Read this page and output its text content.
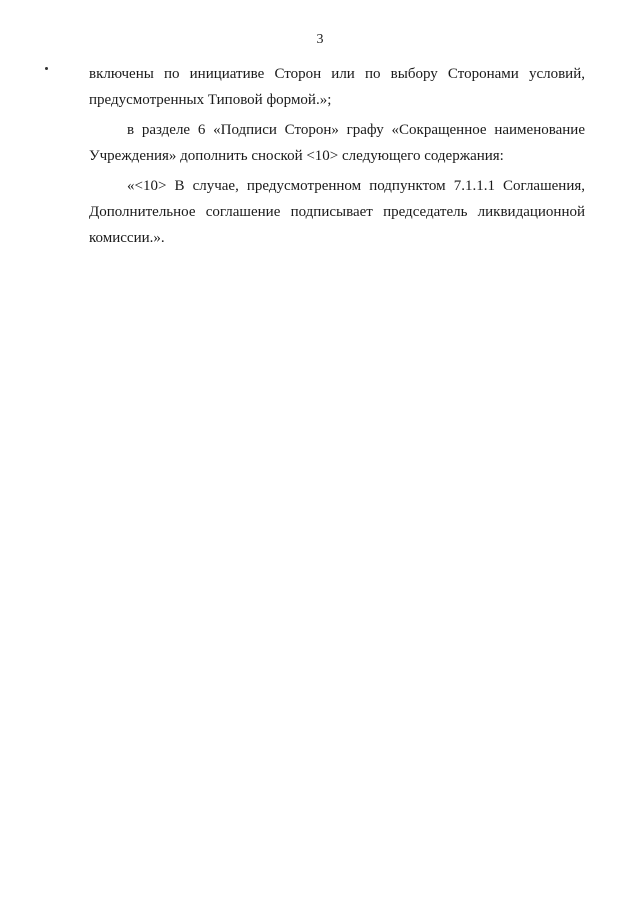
3

включены по инициативе Сторон или по выбору Сторонами условий, предусмотренных Типовой формой.»;

в разделе 6 «Подписи Сторон» графу «Сокращенное наименование Учреждения» дополнить сноской <10> следующего содержания:

«<10> В случае, предусмотренном подпунктом 7.1.1.1 Соглашения, Дополнительное соглашение подписывает председатель ликвидационной комиссии.».
